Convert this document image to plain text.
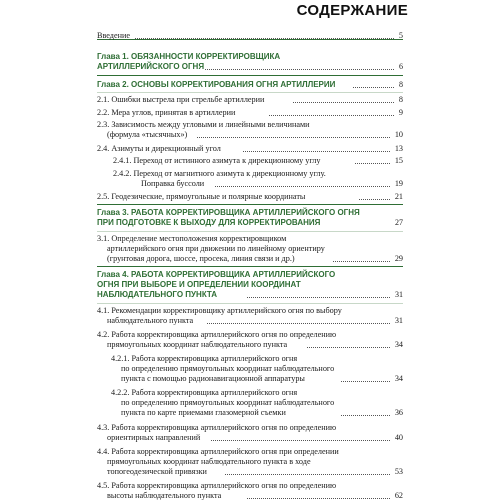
СОДЕРЖАНИЕ
Введение	5
Глава 1. ОБЯЗАННОСТИ КОРРЕКТИРОВЩИКА
АРТИЛЛЕРИЙСКОГО ОГНЯ	6
Глава 2. ОСНОВЫ КОРРЕКТИРОВАНИЯ ОГНЯ АРТИЛЛЕРИИ	8
2.1. Ошибки выстрела при стрельбе артиллерии	8
2.2. Мера углов, принятая в артиллерии	9
2.3. Зависимость между угловыми и линейными величинами
(формула «тысячных»)	10
2.4. Азимуты и дирекционный угол	13
2.4.1. Переход от истинного азимута к дирекционному углу	15
2.4.2. Переход от магнитного азимута к дирекционному углу.
Поправка буссоли	19
2.5. Геодезические, прямоугольные и полярные координаты	21
Глава 3. РАБОТА КОРРЕКТИРОВЩИКА АРТИЛЛЕРИЙСКОГО ОГНЯ
ПРИ ПОДГОТОВКЕ К ВЫХОДУ ДЛЯ КОРРЕКТИРОВАНИЯ	27
3.1. Определение местоположения корректировщиком
артиллерийского огня при движении по линейному ориентиру
(грунтовая дорога, шоссе, просека, линия связи и др.)	29
Глава 4. РАБОТА КОРРЕКТИРОВЩИКА АРТИЛЛЕРИЙСКОГО
ОГНЯ ПРИ ВЫБОРЕ И ОПРЕДЕЛЕНИИ КООРДИНАТ
НАБЛЮДАТЕЛЬНОГО ПУНКТА	31
4.1. Рекомендации корректировщику артиллерийского огня по выбору
наблюдательного пункта	31
4.2. Работа корректировщика артиллерийского огня по определению
прямоугольных координат наблюдательного пункта	34
4.2.1. Работа корректировщика артиллерийского огня
по определению прямоугольных координат наблюдательного
пункта с помощью радионавигационной аппаратуры	34
4.2.2. Работа корректировщика артиллерийского огня
по определению прямоугольных координат наблюдательного
пункта по карте приемами глазомерной съемки	36
4.3. Работа корректировщика артиллерийского огня по определению
ориентирных направлений	40
4.4. Работа корректировщика артиллерийского огня при определении
прямоугольных координат наблюдательного пункта в ходе
топогеодезической привязки	53
4.5. Работа корректировщика артиллерийского огня по определению
высоты наблюдательного пункта	62
